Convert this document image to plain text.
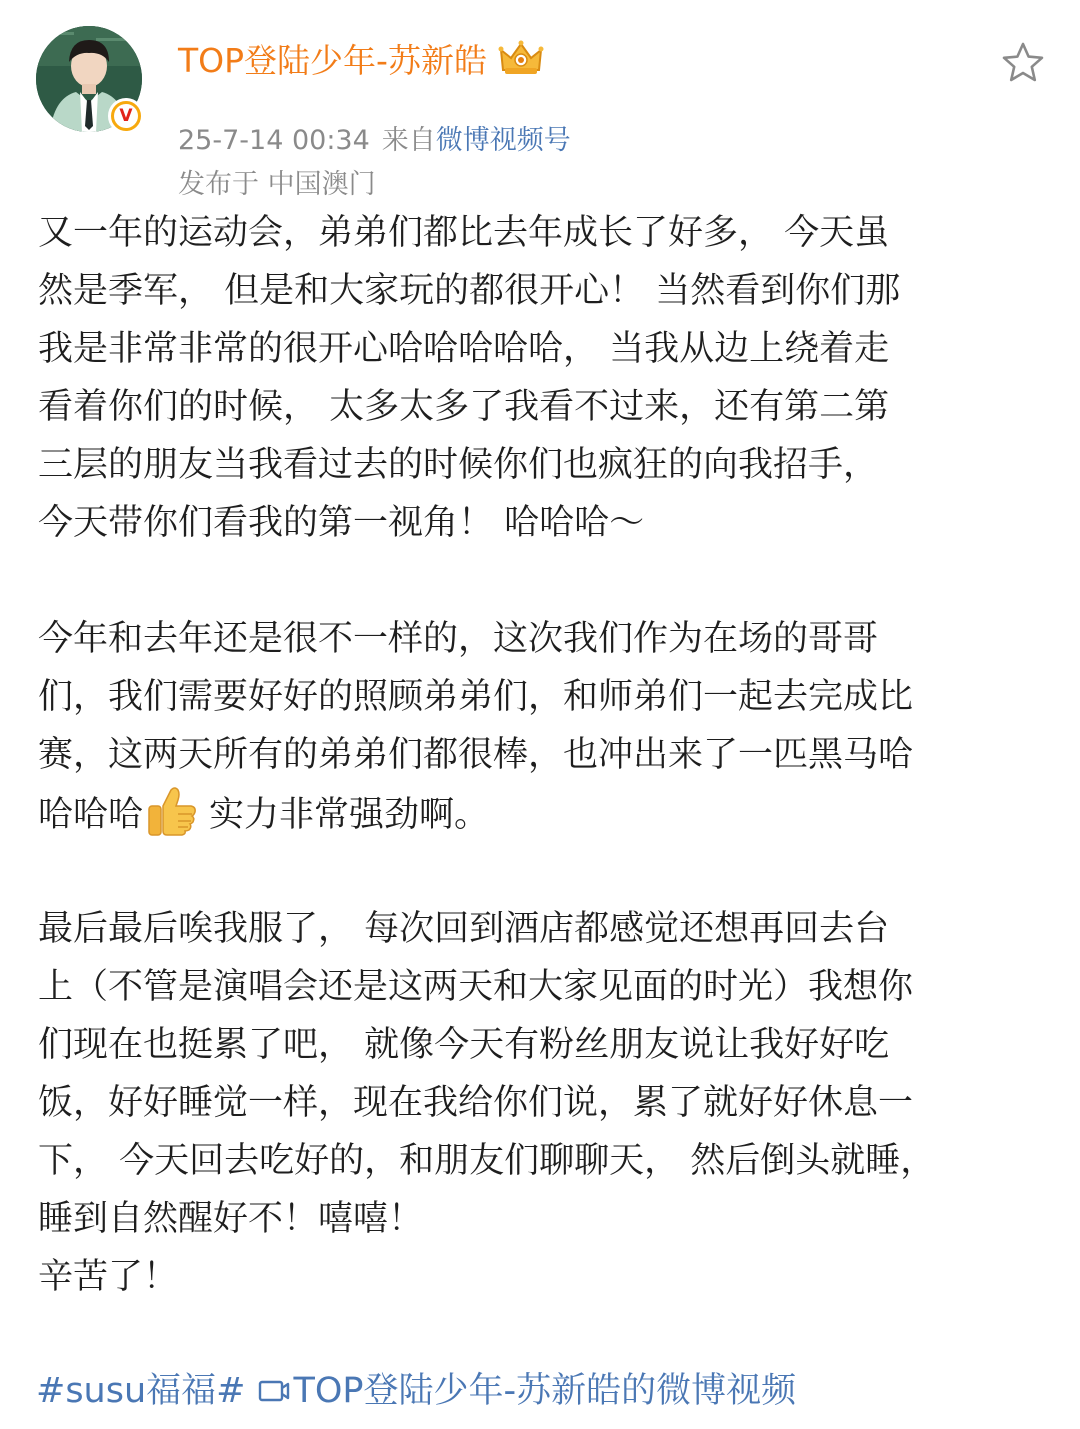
V
TOP登陆少年-苏新皓
25-7-14 00:34 来自微博视频号
发布于 中国澳门
又一年的运动会，弟弟们都比去年成长了好多， 今天虽
然是季军， 但是和大家玩的都很开心！ 当然看到你们那
我是非常非常的很开心哈哈哈哈哈， 当我从边上绕着走
看着你们的时候， 太多太多了我看不过来，还有第二第
三层的朋友当我看过去的时候你们也疯狂的向我招手，
今天带你们看我的第一视角！ 哈哈哈～
今年和去年还是很不一样的，这次我们作为在场的哥哥
们，我们需要好好的照顾弟弟们，和师弟们一起去完成比
赛，这两天所有的弟弟们都很棒，也冲出来了一匹黑马哈
哈哈哈 实力非常强劲啊。
最后最后唉我服了， 每次回到酒店都感觉还想再回去台
上（不管是演唱会还是这两天和大家见面的时光）我想你
们现在也挺累了吧， 就像今天有粉丝朋友说让我好好吃
饭，好好睡觉一样，现在我给你们说，累了就好好休息一
下， 今天回去吃好的，和朋友们聊聊天， 然后倒头就睡，
睡到自然醒好不！嘻嘻！
辛苦了！
#susu福福# TOP登陆少年-苏新皓的微博视频
